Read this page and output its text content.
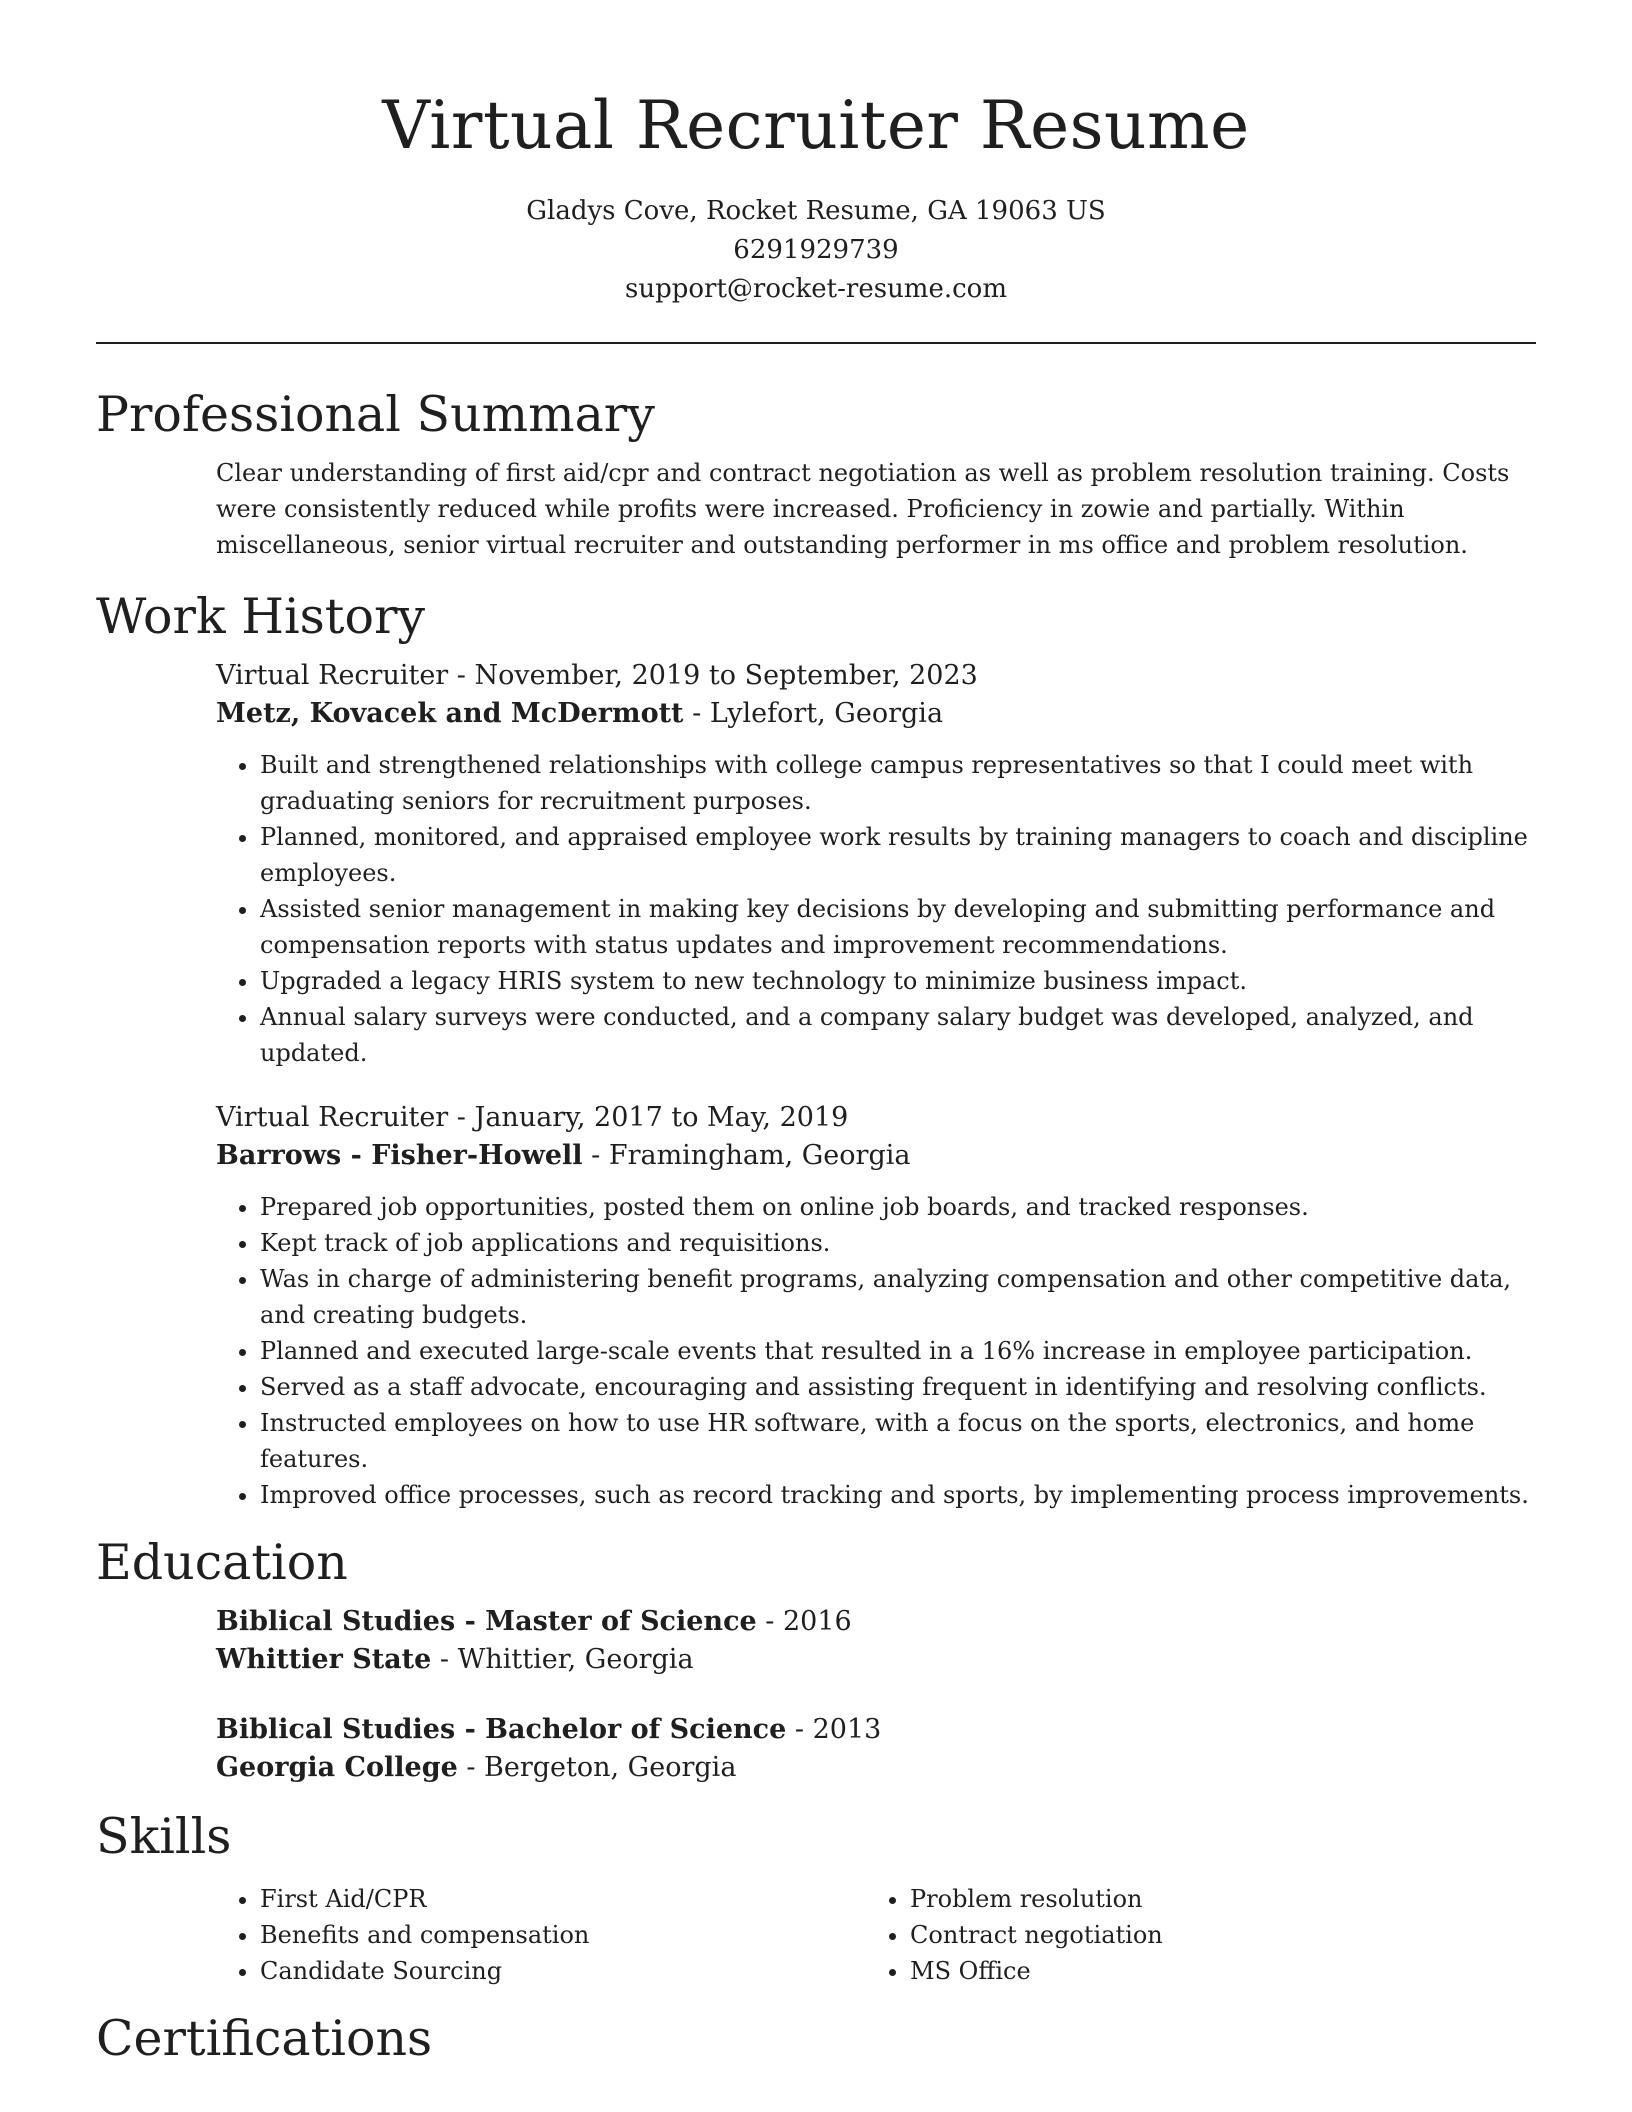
Virtual Recruiter Resume
Gladys Cove, Rocket Resume, GA 19063 US
6291929739
support@rocket-resume.com
Professional Summary

Clear understanding of first aid/cpr and contract negotiation as well as problem resolution training. Costs were consistently reduced while profits were increased. Proficiency in zowie and partially. Within miscellaneous, senior virtual recruiter and outstanding performer in ms office and problem resolution.

Work History
Virtual Recruiter - November, 2019 to September, 2023
Metz, Kovacek and McDermott - Lylefort, Georgia
• Built and strengthened relationships with college campus representatives so that I could meet with graduating seniors for recruitment purposes.
• Planned, monitored, and appraised employee work results by training managers to coach and discipline employees.
• Assisted senior management in making key decisions by developing and submitting performance and compensation reports with status updates and improvement recommendations.
• Upgraded a legacy HRIS system to new technology to minimize business impact.
• Annual salary surveys were conducted, and a company salary budget was developed, analyzed, and updated.
Virtual Recruiter - January, 2017 to May, 2019
Barrows - Fisher-Howell - Framingham, Georgia
• Prepared job opportunities, posted them on online job boards, and tracked responses.
• Kept track of job applications and requisitions.
• Was in charge of administering benefit programs, analyzing compensation and other competitive data, and creating budgets.
• Planned and executed large-scale events that resulted in a 16% increase in employee participation.
• Served as a staff advocate, encouraging and assisting frequent in identifying and resolving conflicts.
• Instructed employees on how to use HR software, with a focus on the sports, electronics, and home features.
• Improved office processes, such as record tracking and sports, by implementing process improvements.
Education
Biblical Studies - Master of Science - 2016
Whittier State - Whittier, Georgia
Biblical Studies - Bachelor of Science - 2013
Georgia College - Bergeton, Georgia
Skills
• First Aid/CPR
• Benefits and compensation
• Candidate Sourcing
• Problem resolution
• Contract negotiation
• MS Office
Certifications
